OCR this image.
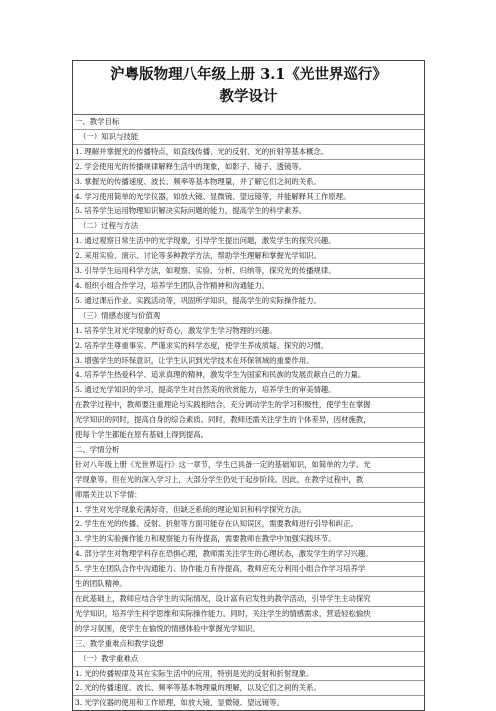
沪粤版物理八年级上册 3.1《光世界巡行》
教学设计
一、教学目标
（一）知识与技能
1. 理解并掌握光的传播特点，如直线传播、光的反射、光的折射等基本概念。
2. 学会使用光的传播规律解释生活中的现象，如影子、镜子、透镜等。
3. 掌握光的传播速度、波长、频率等基本物理量，并了解它们之间的关系。
4. 学习使用简单的光学仪器，如放大镜、显微镜、望远镜等，并能解释其工作原理。
5. 培养学生运用物理知识解决实际问题的能力，提高学生的科学素养。
（二）过程与方法
1. 通过观察日常生活中的光学现象，引导学生提出问题，激发学生的探究兴趣。
2. 采用实验、演示、讨论等多种教学方法，帮助学生理解和掌握光学知识。
3. 引导学生运用科学方法，如观察、实验、分析、归纳等，探究光的传播规律。
4. 组织小组合作学习，培养学生团队合作精神和沟通能力。
5. 通过课后作业、实践活动等，巩固所学知识，提高学生的实际操作能力。
（三）情感态度与价值观
1. 培养学生对光学现象的好奇心，激发学生学习物理的兴趣。
2. 培养学生尊重事实、严谨求实的科学态度，使学生养成质疑、探究的习惯。
3. 增强学生的环保意识，让学生认识到光学技术在环保领域的重要作用。
4. 培养学生热爱科学、追求真理的精神，激发学生为国家和民族的发展贡献自己的力量。
5. 通过光学知识的学习，提高学生对自然美的欣赏能力，培养学生的审美情趣。
在教学过程中，教师要注重理论与实践相结合，充分调动学生的学习积极性，使学生在掌握
光学知识的同时，提高自身的综合素质。同时，教师还需关注学生的个体差异，因材施教，
使每个学生都能在原有基础上得到提高。
二、学情分析
针对八年级上册《光世界巡行》这一章节，学生已具备一定的基础知识，如简单的力学、光
学现象等。但在光的深入学习上，大部分学生仍处于起步阶段。因此，在教学过程中，教
师需关注以下学情：
1. 学生对光学现象充满好奇，但缺乏系统的理论知识和科学探究方法。
2. 学生在光的传播、反射、折射等方面可能存在认知误区，需要教师进行引导和纠正。
3. 学生的实验操作能力和观察能力有待提高，需要教师在教学中加强实践环节。
4. 部分学生对物理学科存在恐惧心理，教师需关注学生的心理状态，激发学生的学习兴趣。
5. 学生在团队合作中沟通能力、协作能力有待提高，教师应充分利用小组合作学习培养学
生的团队精神。
在此基础上，教师应结合学生的实际情况，设计富有启发性的教学活动，引导学生主动探究
光学知识，培养学生科学思维和实际操作能力。同时，关注学生的情感需求，营造轻松愉快
的学习氛围，使学生在愉悦的情感体验中掌握光学知识。
三、教学重难点和教学设想
（一）教学重难点
1. 光的传播规律及其在实际生活中的应用，特别是光的反射和折射现象。
2. 光的传播速度、波长、频率等基本物理量的理解，以及它们之间的关系。
3. 光学仪器的使用和工作原理，如放大镜、显微镜、望远镜等。
